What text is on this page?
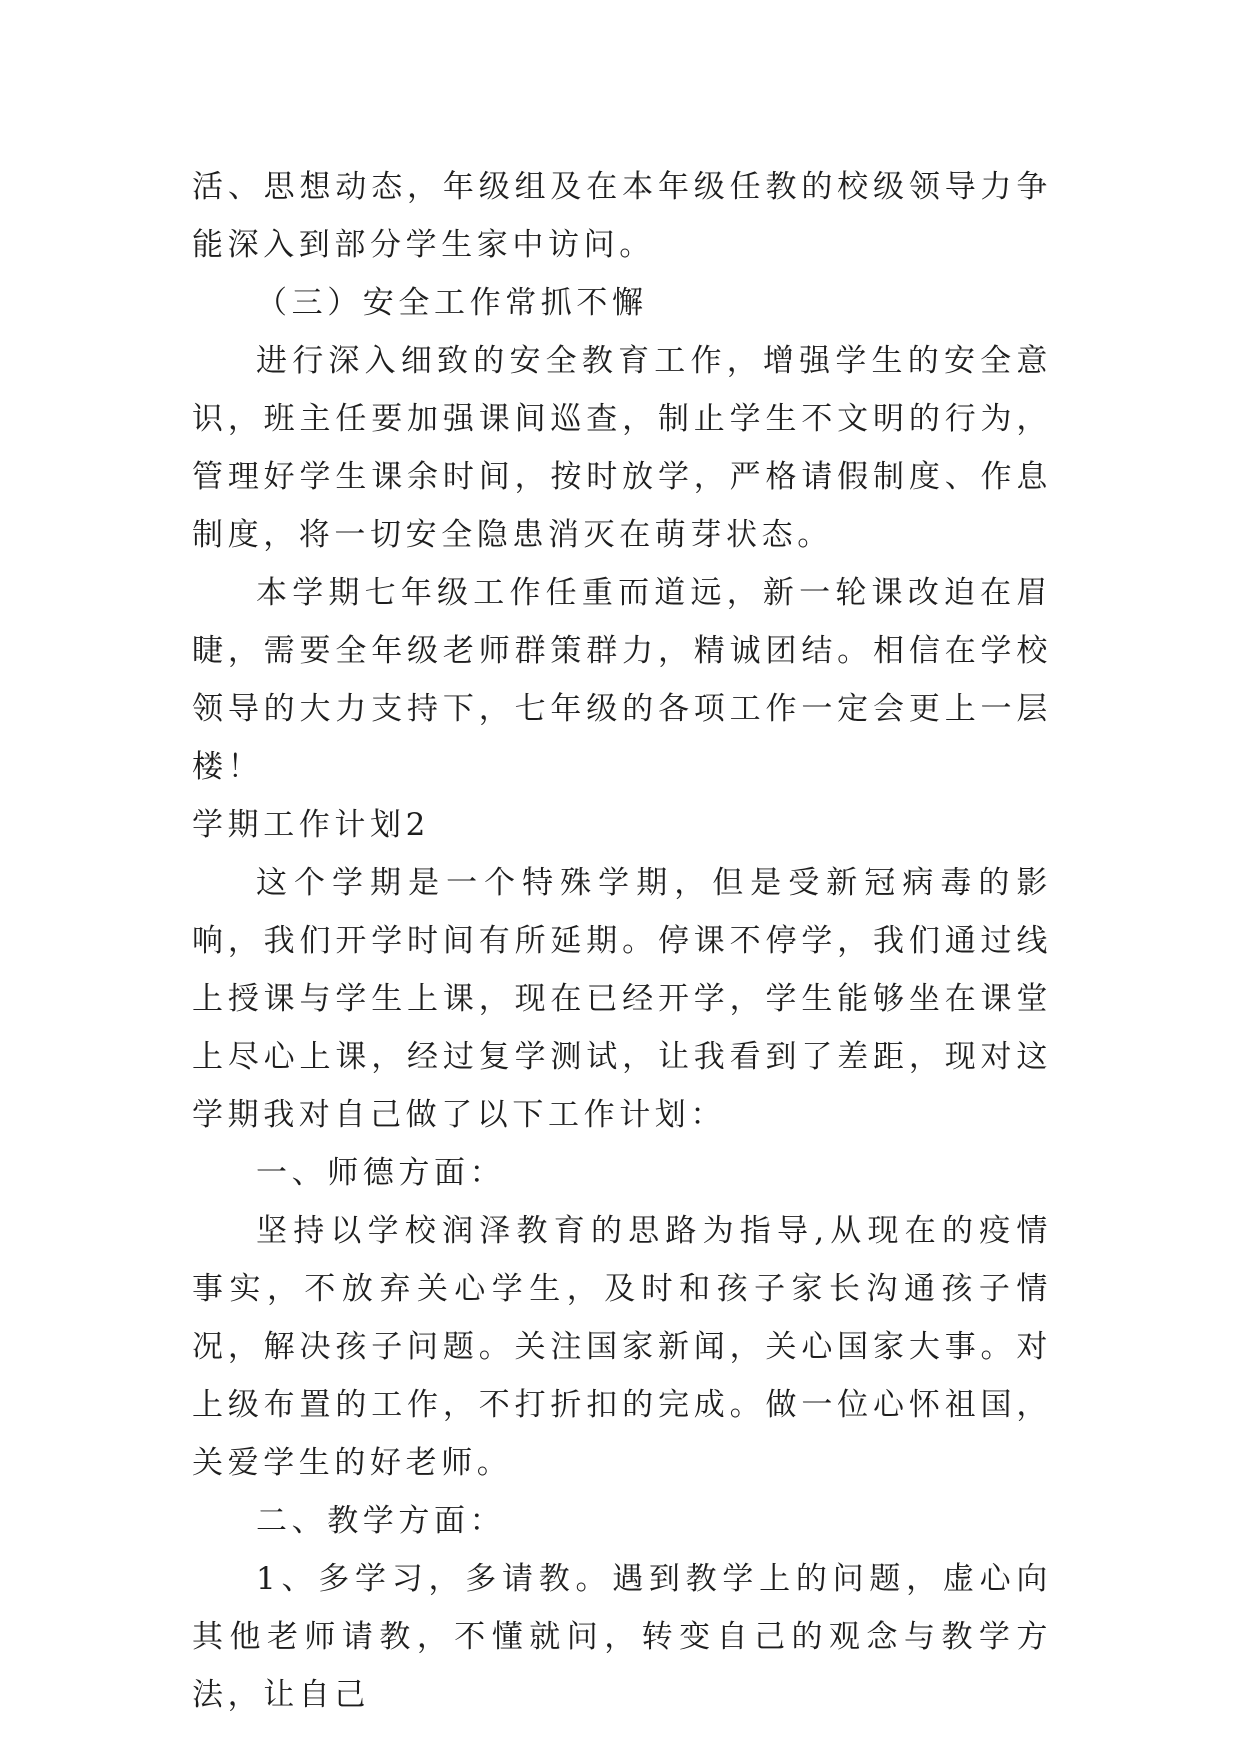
活、思想动态，年级组及在本年级任教的校级领导力争能深入到部分学生家中访问。

（三）安全工作常抓不懈

进行深入细致的安全教育工作，增强学生的安全意识，班主任要加强课间巡查，制止学生不文明的行为，管理好学生课余时间，按时放学，严格请假制度、作息制度，将一切安全隐患消灭在萌芽状态。

本学期七年级工作任重而道远，新一轮课改迫在眉睫，需要全年级老师群策群力，精诚团结。相信在学校领导的大力支持下，七年级的各项工作一定会更上一层楼！

学期工作计划2

这个学期是一个特殊学期，但是受新冠病毒的影响，我们开学时间有所延期。停课不停学，我们通过线上授课与学生上课，现在已经开学，学生能够坐在课堂上尽心上课，经过复学测试，让我看到了差距，现对这学期我对自己做了以下工作计划：

一、师德方面：

坚持以学校润泽教育的思路为指导,从现在的疫情事实，不放弃关心学生，及时和孩子家长沟通孩子情况，解决孩子问题。关注国家新闻，关心国家大事。对上级布置的工作，不打折扣的完成。做一位心怀祖国，关爱学生的好老师。

二、教学方面：

1、多学习，多请教。遇到教学上的问题，虚心向其他老师请教，不懂就问，转变自己的观念与教学方法，让自己
